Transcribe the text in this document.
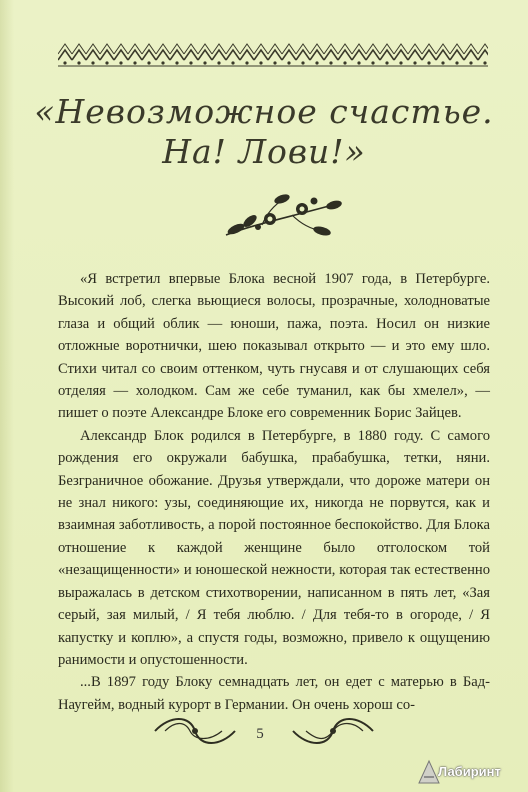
«Невозможное счастье.
На! Лови!»

«Я встретил впервые Блока весной 1907 года, в Петербурге. Высокий лоб, слегка вьющиеся волосы, прозрачные, холодноватые глаза и общий облик — юноши, пажа, поэта. Носил он низкие отложные воротнички, шею показывал открыто — и это ему шло. Стихи читал со своим оттенком, чуть гнусавя и от слушающих себя отделяя — холодком. Сам же себе туманил, как бы хмелел», — пишет о поэте Александре Блоке его современник Борис Зайцев.

Александр Блок родился в Петербурге, в 1880 году. С самого рождения его окружали бабушка, прабабушка, тетки, няни. Безграничное обожание. Друзья утверждали, что дороже матери он не знал никого: узы, соединяющие их, никогда не порвутся, как и взаимная заботливость, а порой постоянное беспокойство. Для Блока отношение к каждой женщине было отголоском той «незащищенности» и юношеской нежности, которая так естественно выражалась в детском стихотворении, написанном в пять лет, «Зая серый, зая милый, / Я тебя люблю. / Для тебя-то в огороде, / Я капустку и коплю», а спустя годы, возможно, привело к ощущению ранимости и опустошенности.

...В 1897 году Блоку семнадцать лет, он едет с матерью в Бад-Наугейм, водный курорт в Германии. Он очень хорош со-

5
Лабиринт
